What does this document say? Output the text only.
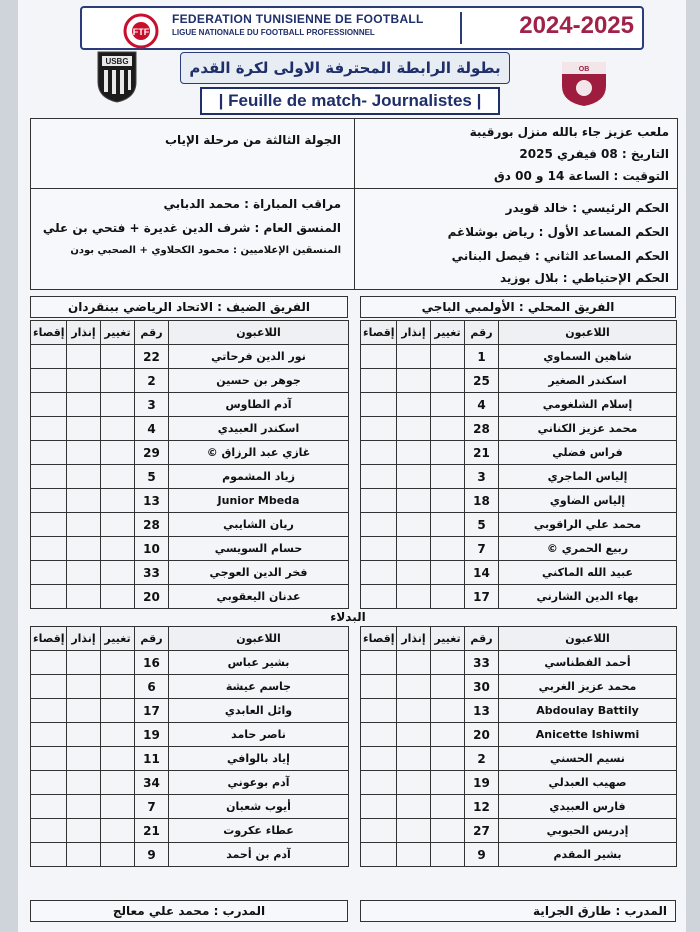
FTF
FEDERATION TUNISIENNE DE FOOTBALL
LIGUE NATIONALE DU FOOTBALL PROFESSIONNEL	2024-2025
USBG	بطولة الرابطة المحترفة الاولى لكرة القدم
| Feuille de match- Journalistes |
OB
ملعب عزيز جاء بالله منزل بورقيبة
التاريخ : 08 فيفري 2025
التوقيت : الساعة 14 و 00 دق
الجولة الثالثة من مرحلة الإياب
الحكم الرئيسي : خالد قويدر
الحكم المساعد الأول : رياض بوشلاغم
الحكم المساعد الثاني : فيصل البناني
الحكم الإحتياطي : بلال بوزيد
مراقب المباراة : محمد الدبابي
المنسق العام : شرف الدين غديرة + فتحي بن علي
المنسقين الإعلاميين : محمود الكحلاوي + الصحبي بودن
الفريق الضيف : الاتحاد الرياضي ببنقردان	الفريق المحلي : الأولمبي الباجي
إقصاء	إنذار	تغيير	رقم	اللاعبون
			22	نور الدين فرحاتي
			2	جوهر بن حسين
			3	آدم الطاوس
			4	اسكندر العبيدي
			29	غازي عبد الرزاق ©
			5	زياد المشموم
			13	Junior Mbeda
			28	ريان الشايبي
			10	حسام السويسي
			33	فخر الدين العوجي
			20	عدنان اليعقوبي
إقصاء	إنذار	تغيير	رقم	اللاعبون
			1	شاهين السماوي
			25	اسكندر الصغير
			4	إسلام الشلغومي
			28	محمد عزيز الكناني
			21	فراس فضلي
			3	إلياس الماجري
			18	إلياس الضاوي
			5	محمد علي الراقوبي
			7	ربيع الحمري ©
			14	عبيد الله الماكني
			17	بهاء الدين الشارني
البدلاء
إقصاء	إنذار	تغيير	رقم	اللاعبون
			16	بشير عباس
			6	جاسم عيشة
			17	وائل العابدي
			19	ناصر حامد
			11	إياد بالوافي
			34	آدم بوعوني
			7	أيوب شعبان
			21	عطاء عكروت
			9	آدم بن أحمد
إقصاء	إنذار	تغيير	رقم	اللاعبون
			33	أحمد الفطناسي
			30	محمد عزيز الغربي
			13	Abdoulay Battily
			20	Anicette Ishiwmi
			2	نسيم الحسني
			19	صهيب العبدلي
			12	فارس العبيدي
			27	إدريس الحبوبي
			9	بشير المقدم
المدرب : محمد علي معالج	المدرب : طارق الجراية
